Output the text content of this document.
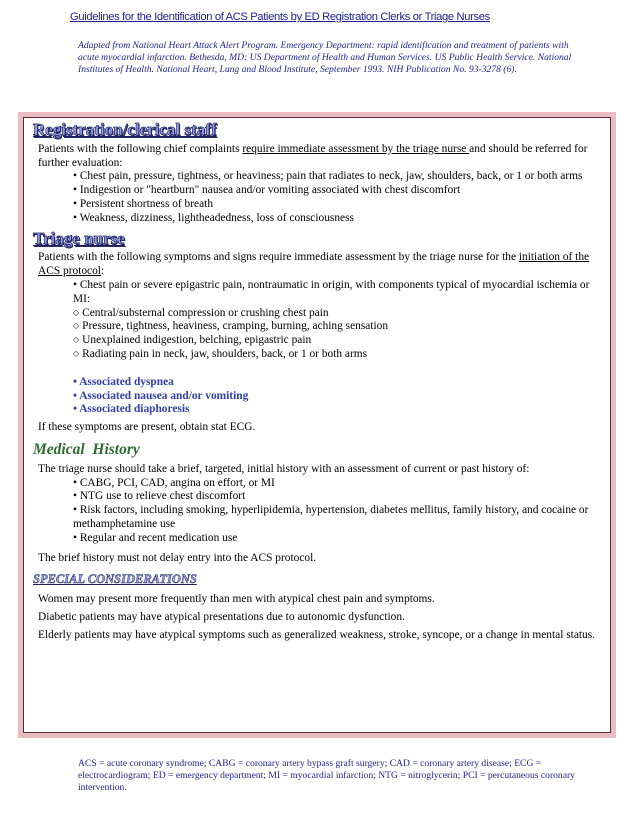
Guidelines for the Identification of ACS Patients by ED Registration Clerks or Triage Nurses
Adapted from National Heart Attack Alert Program. Emergency Department: rapid identification and treatment of patients with acute myocardial infarction. Bethesda, MD: US Department of Health and Human Services. US Public Health Service. National Institutes of Health. National Heart, Lung and Blood Institute, September 1993. NIH Publication No. 93-3278 (6).
Registration/clerical staff
Patients with the following chief complaints require immediate assessment by the triage nurse and should be referred for further evaluation:
• Chest pain, pressure, tightness, or heaviness; pain that radiates to neck, jaw, shoulders, back, or 1 or both arms
• Indigestion or "heartburn" nausea and/or vomiting associated with chest discomfort
• Persistent shortness of breath
• Weakness, dizziness, lightheadedness, loss of consciousness
Triage nurse
Patients with the following symptoms and signs require immediate assessment by the triage nurse for the initiation of the ACS protocol:
• Chest pain or severe epigastric pain, nontraumatic in origin, with components typical of myocardial ischemia or MI:
◇ Central/substernal compression or crushing chest pain
◇ Pressure, tightness, heaviness, cramping, burning, aching sensation
◇ Unexplained indigestion, belching, epigastric pain
◇ Radiating pain in neck, jaw, shoulders, back, or 1 or both arms
• Associated dyspnea
• Associated nausea and/or vomiting
• Associated diaphoresis
If these symptoms are present, obtain stat ECG.
Medical  History
The triage nurse should take a brief, targeted, initial history with an assessment of current or past history of:
• CABG, PCI, CAD, angina on effort, or MI
• NTG use to relieve chest discomfort
• Risk factors, including smoking, hyperlipidemia, hypertension, diabetes mellitus, family history, and cocaine or methamphetamine use
• Regular and recent medication use
The brief history must not delay entry into the ACS protocol.
SPECIAL CONSIDERATIONS
Women may present more frequently than men with atypical chest pain and symptoms.
Diabetic patients may have atypical presentations due to autonomic dysfunction.
Elderly patients may have atypical symptoms such as generalized weakness, stroke, syncope, or a change in mental status.
ACS = acute coronary syndrome; CABG = coronary artery bypass graft surgery; CAD = coronary artery disease; ECG = electrocardiogram; ED = emergency department; MI = myocardial infarction; NTG = nitroglycerin; PCI = percutaneous coronary intervention.
